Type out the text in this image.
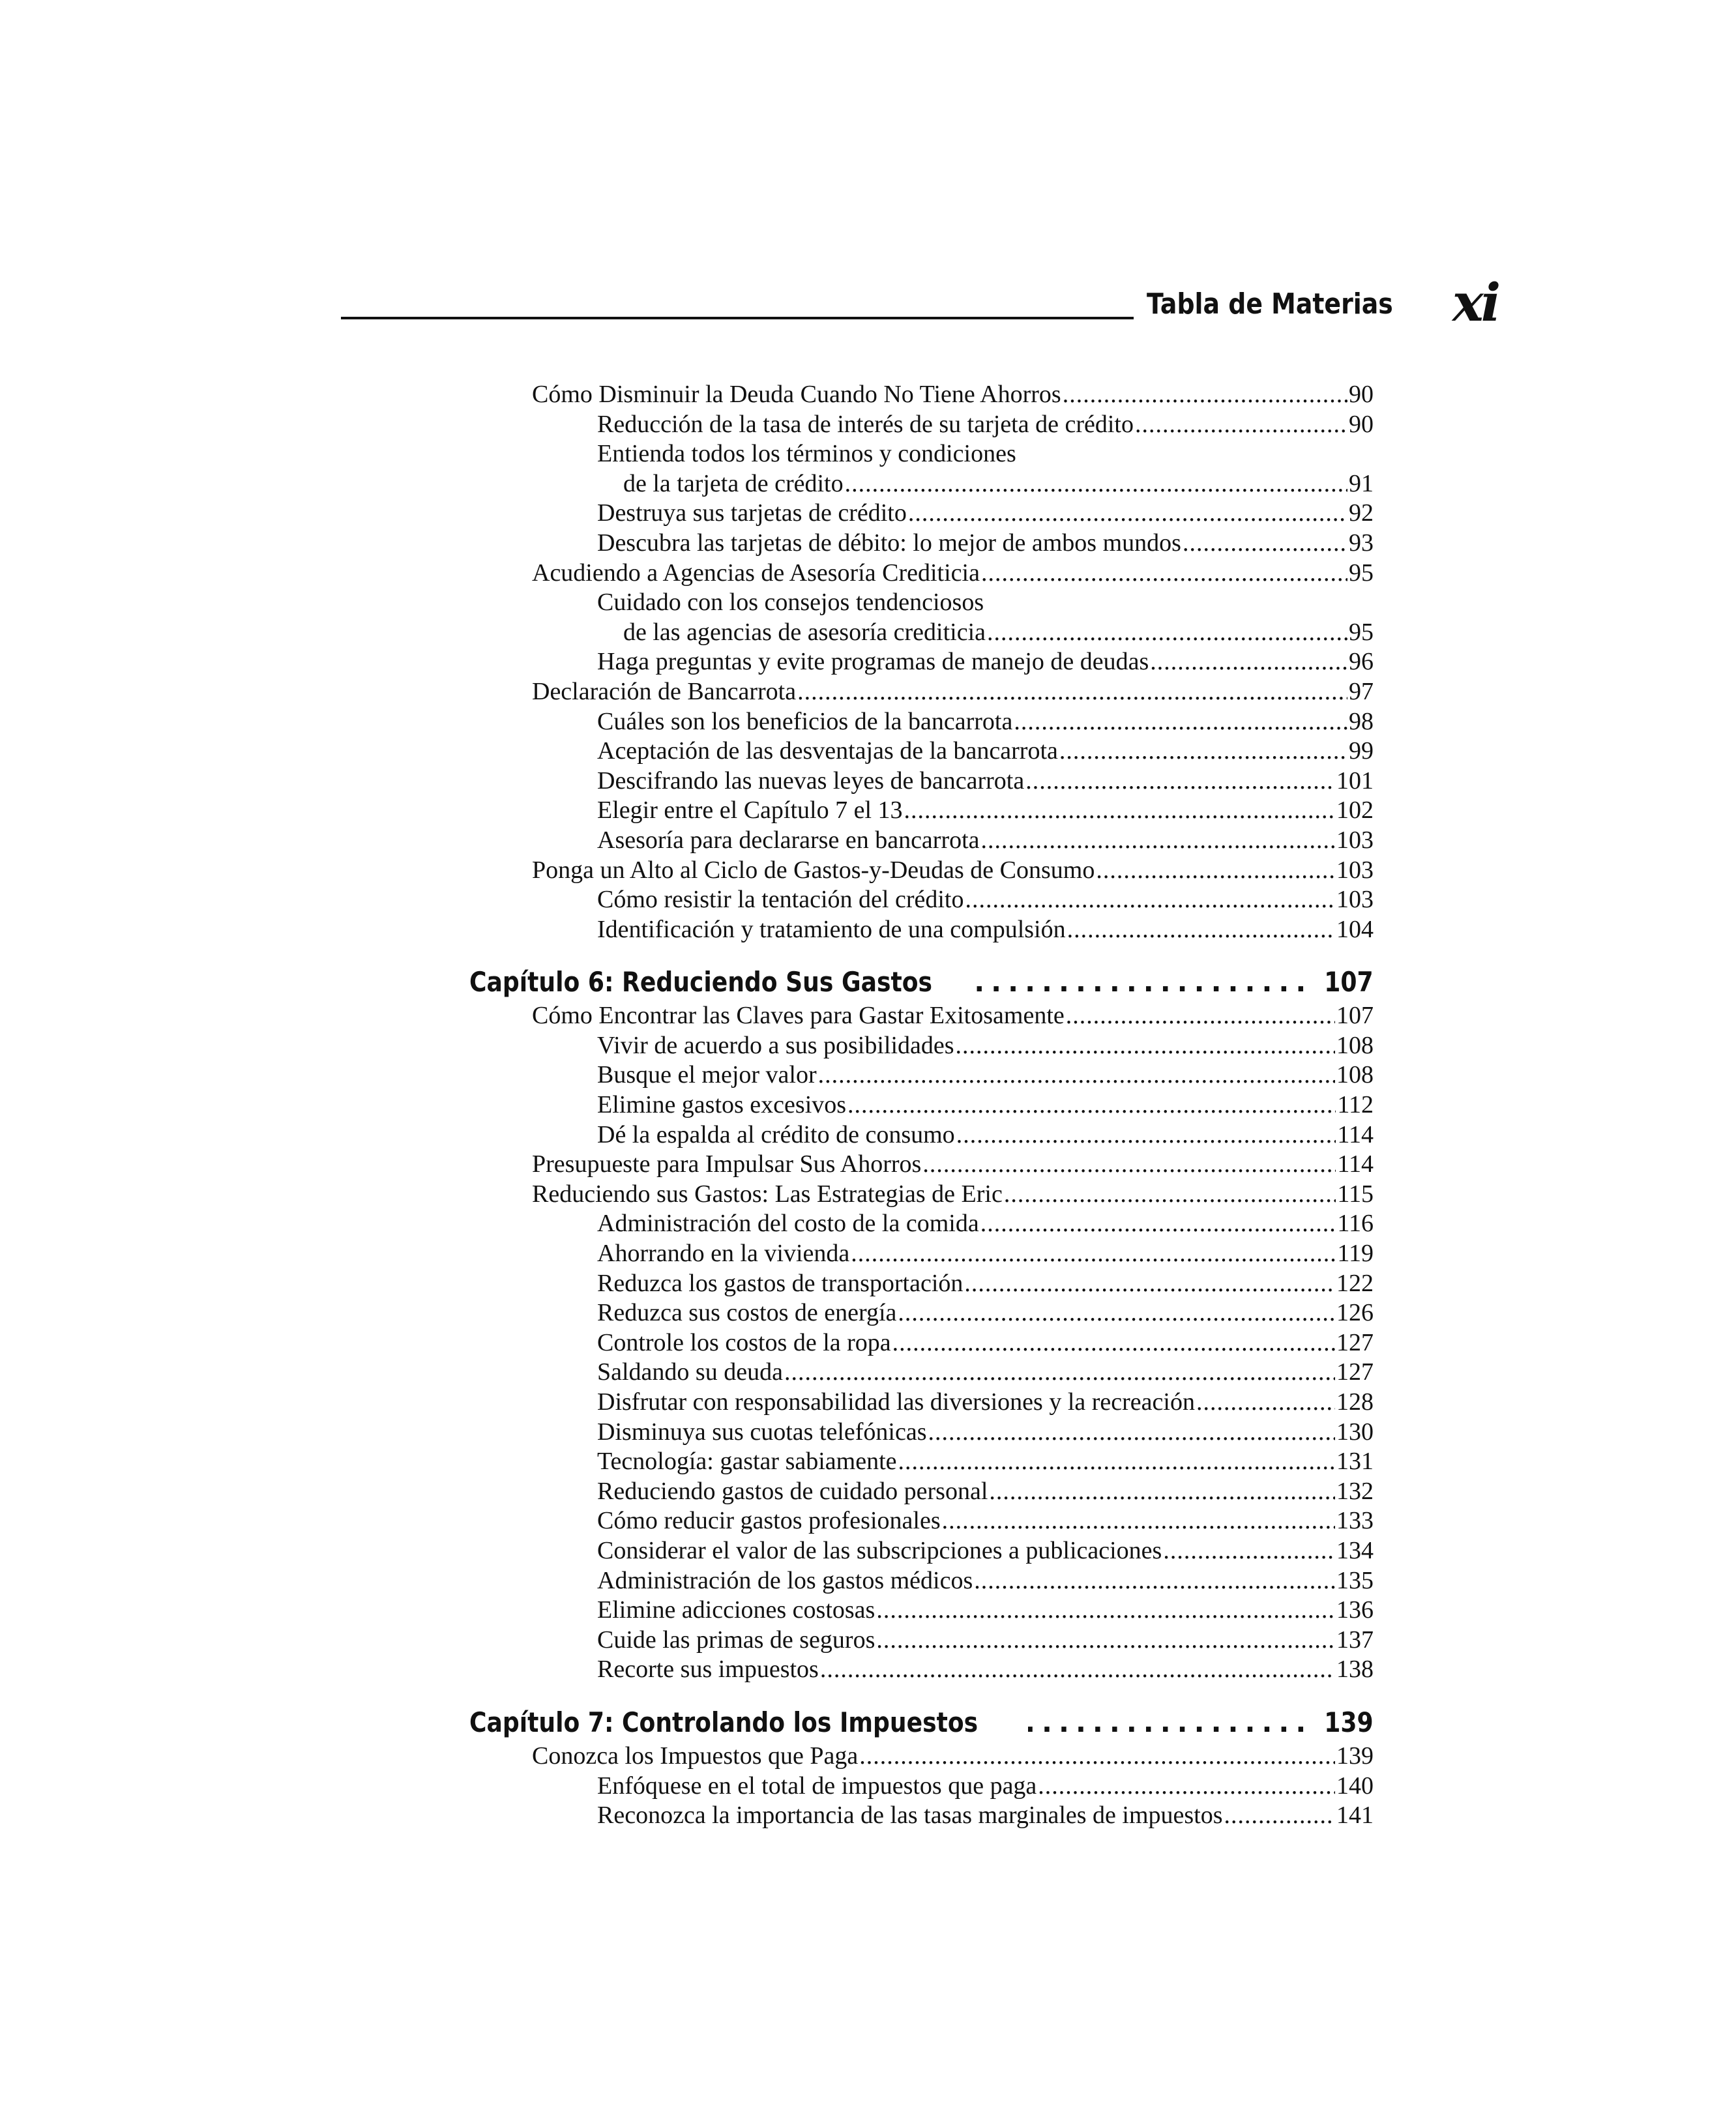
Tabla de Materias xi
Cómo Disminuir la Deuda Cuando No Tiene Ahorros .....	90
Reducción de la tasa de interés de su tarjeta de crédito .....	90
Entienda todos los términos y condiciones
de la tarjeta de crédito .....	91
Destruya sus tarjetas de crédito .....	92
Descubra las tarjetas de débito: lo mejor de ambos mundos .....	93
Acudiendo a Agencias de Asesoría Crediticia .....	95
Cuidado con los consejos tendenciosos
de las agencias de asesoría crediticia .....	95
Haga preguntas y evite programas de manejo de deudas .....	96
Declaración de Bancarrota .....	97
Cuáles son los beneficios de la bancarrota .....	98
Aceptación de las desventajas de la bancarrota .....	99
Descifrando las nuevas leyes de bancarrota .....	101
Elegir entre el Capítulo 7 el 13 .....	102
Asesoría para declararse en bancarrota .....	103
Ponga un Alto al Ciclo de Gastos-y-Deudas de Consumo .....	103
Cómo resistir la tentación del crédito .....	103
Identificación y tratamiento de una compulsión .....	104
Capítulo 6: Reduciendo Sus Gastos .....	107
Cómo Encontrar las Claves para Gastar Exitosamente .....	107
Vivir de acuerdo a sus posibilidades .....	108
Busque el mejor valor .....	108
Elimine gastos excesivos .....	112
Dé la espalda al crédito de consumo .....	114
Presupueste para Impulsar Sus Ahorros .....	114
Reduciendo sus Gastos: Las Estrategias de Eric .....	115
Administración del costo de la comida .....	116
Ahorrando en la vivienda .....	119
Reduzca los gastos de transportación .....	122
Reduzca sus costos de energía .....	126
Controle los costos de la ropa .....	127
Saldando su deuda .....	127
Disfrutar con responsabilidad las diversiones y la recreación .....	128
Disminuya sus cuotas telefónicas .....	130
Tecnología: gastar sabiamente .....	131
Reduciendo gastos de cuidado personal .....	132
Cómo reducir gastos profesionales .....	133
Considerar el valor de las subscripciones a publicaciones .....	134
Administración de los gastos médicos .....	135
Elimine adicciones costosas .....	136
Cuide las primas de seguros .....	137
Recorte sus impuestos .....	138
Capítulo 7: Controlando los Impuestos .....	139
Conozca los Impuestos que Paga .....	139
Enfóquese en el total de impuestos que paga .....	140
Reconozca la importancia de las tasas marginales de impuestos .....	141
